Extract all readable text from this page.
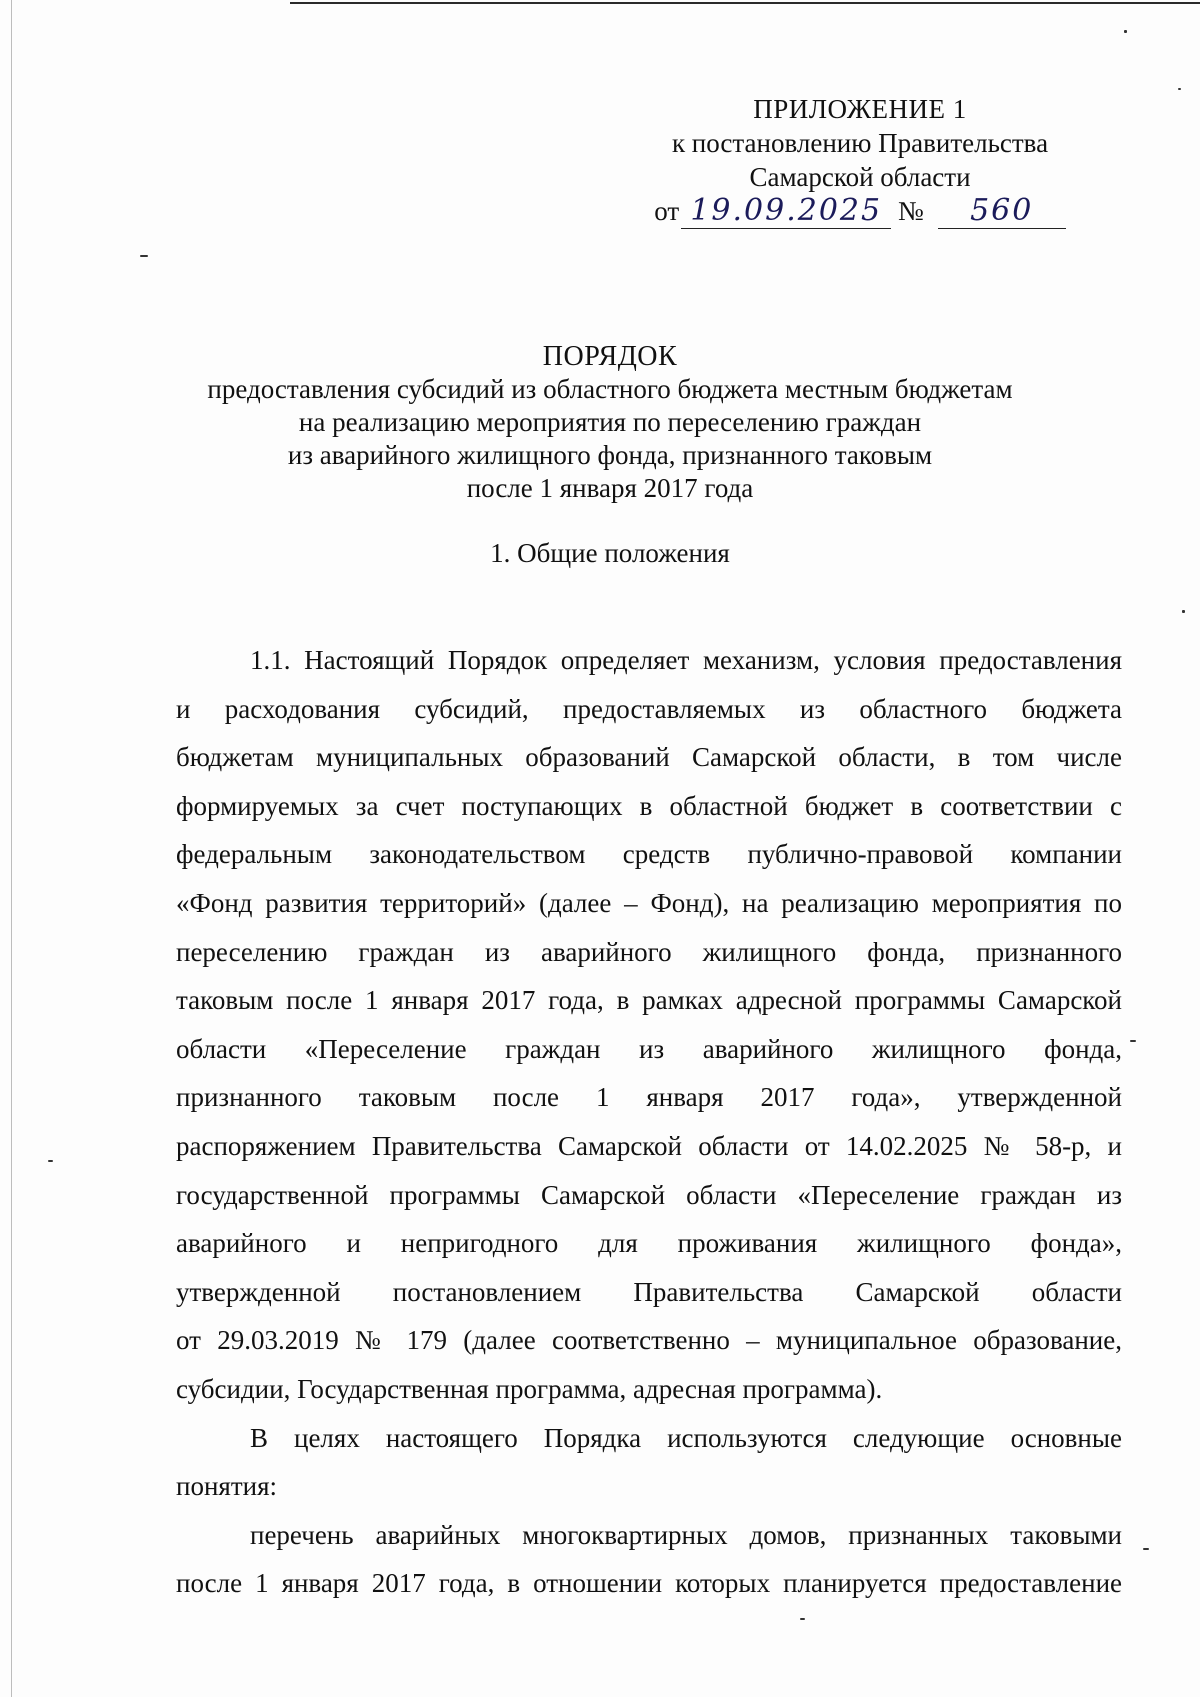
ПРИЛОЖЕНИЕ 1
к постановлению Правительства
Самарской области
от 19.09.2025 № 560
ПОРЯДОК
предоставления субсидий из областного бюджета местным бюджетам
на реализацию мероприятия по переселению граждан
из аварийного жилищного фонда, признанного таковым
после 1 января 2017 года
1. Общие положения
1.1. Настоящий Порядок определяет механизм, условия предоставления
и расходования субсидий, предоставляемых из областного бюджета
бюджетам муниципальных образований Самарской области, в том числе
формируемых за счет поступающих в областной бюджет в соответствии с
федеральным законодательством средств публично-правовой компании
«Фонд развития территорий» (далее – Фонд), на реализацию мероприятия по
переселению граждан из аварийного жилищного фонда, признанного
таковым после 1 января 2017 года, в рамках адресной программы Самарской
области «Переселение граждан из аварийного жилищного фонда,
признанного таковым после 1 января 2017 года», утвержденной
распоряжением Правительства Самарской области от 14.02.2025 № 58-р, и
государственной программы Самарской области «Переселение граждан из
аварийного и непригодного для проживания жилищного фонда»,
утвержденной постановлением Правительства Самарской области
от 29.03.2019 № 179 (далее соответственно – муниципальное образование,
субсидии, Государственная программа, адресная программа).
В целях настоящего Порядка используются следующие основные
понятия:
перечень аварийных многоквартирных домов, признанных таковыми
после 1 января 2017 года, в отношении которых планируется предоставление
